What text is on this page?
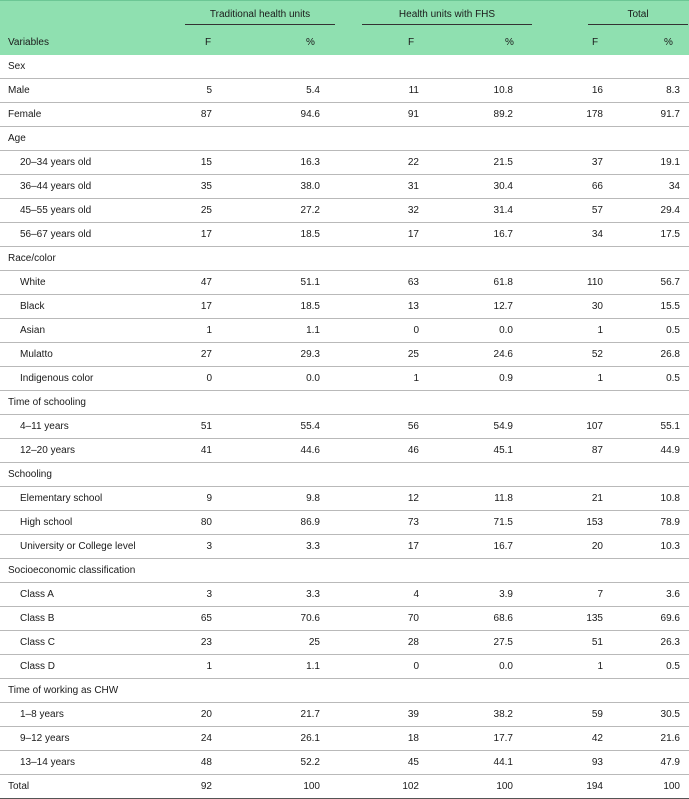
Traditional health units	Health units with FHS	Total
Variables	F	%	F	%	F	%
Sex
Male	5	5.4	11	10.8	16	8.3
Female	87	94.6	91	89.2	178	91.7
Age
20–34 years old	15	16.3	22	21.5	37	19.1
36–44 years old	35	38.0	31	30.4	66	34
45–55 years old	25	27.2	32	31.4	57	29.4
56–67 years old	17	18.5	17	16.7	34	17.5
Race/color
White	47	51.1	63	61.8	110	56.7
Black	17	18.5	13	12.7	30	15.5
Asian	1	1.1	0	0.0	1	0.5
Mulatto	27	29.3	25	24.6	52	26.8
Indigenous color	0	0.0	1	0.9	1	0.5
Time of schooling
4–11 years	51	55.4	56	54.9	107	55.1
12–20 years	41	44.6	46	45.1	87	44.9
Schooling
Elementary school	9	9.8	12	11.8	21	10.8
High school	80	86.9	73	71.5	153	78.9
University or College level	3	3.3	17	16.7	20	10.3
Socioeconomic classification
Class A	3	3.3	4	3.9	7	3.6
Class B	65	70.6	70	68.6	135	69.6
Class C	23	25	28	27.5	51	26.3
Class D	1	1.1	0	0.0	1	0.5
Time of working as CHW
1–8 years	20	21.7	39	38.2	59	30.5
9–12 years	24	26.1	18	17.7	42	21.6
13–14 years	48	52.2	45	44.1	93	47.9
Total	92	100	102	100	194	100
